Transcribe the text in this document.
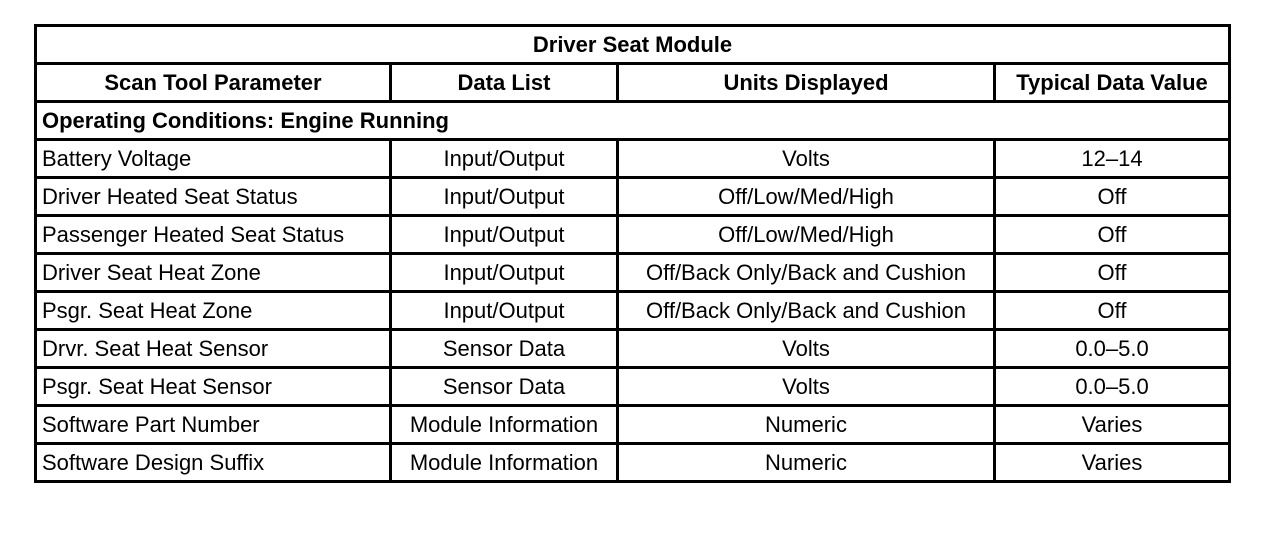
Driver Seat Module			
Scan Tool Parameter	Data List	Units Displayed	Typical Data Value
Operating Conditions: Engine Running			
Battery Voltage	Input/Output	Volts	12–14
Driver Heated Seat Status	Input/Output	Off/Low/Med/High	Off
Passenger Heated Seat Status	Input/Output	Off/Low/Med/High	Off
Driver Seat Heat Zone	Input/Output	Off/Back Only/Back and Cushion	Off
Psgr. Seat Heat Zone	Input/Output	Off/Back Only/Back and Cushion	Off
Drvr. Seat Heat Sensor	Sensor Data	Volts	0.0–5.0
Psgr. Seat Heat Sensor	Sensor Data	Volts	0.0–5.0
Software Part Number	Module Information	Numeric	Varies
Software Design Suffix	Module Information	Numeric	Varies
